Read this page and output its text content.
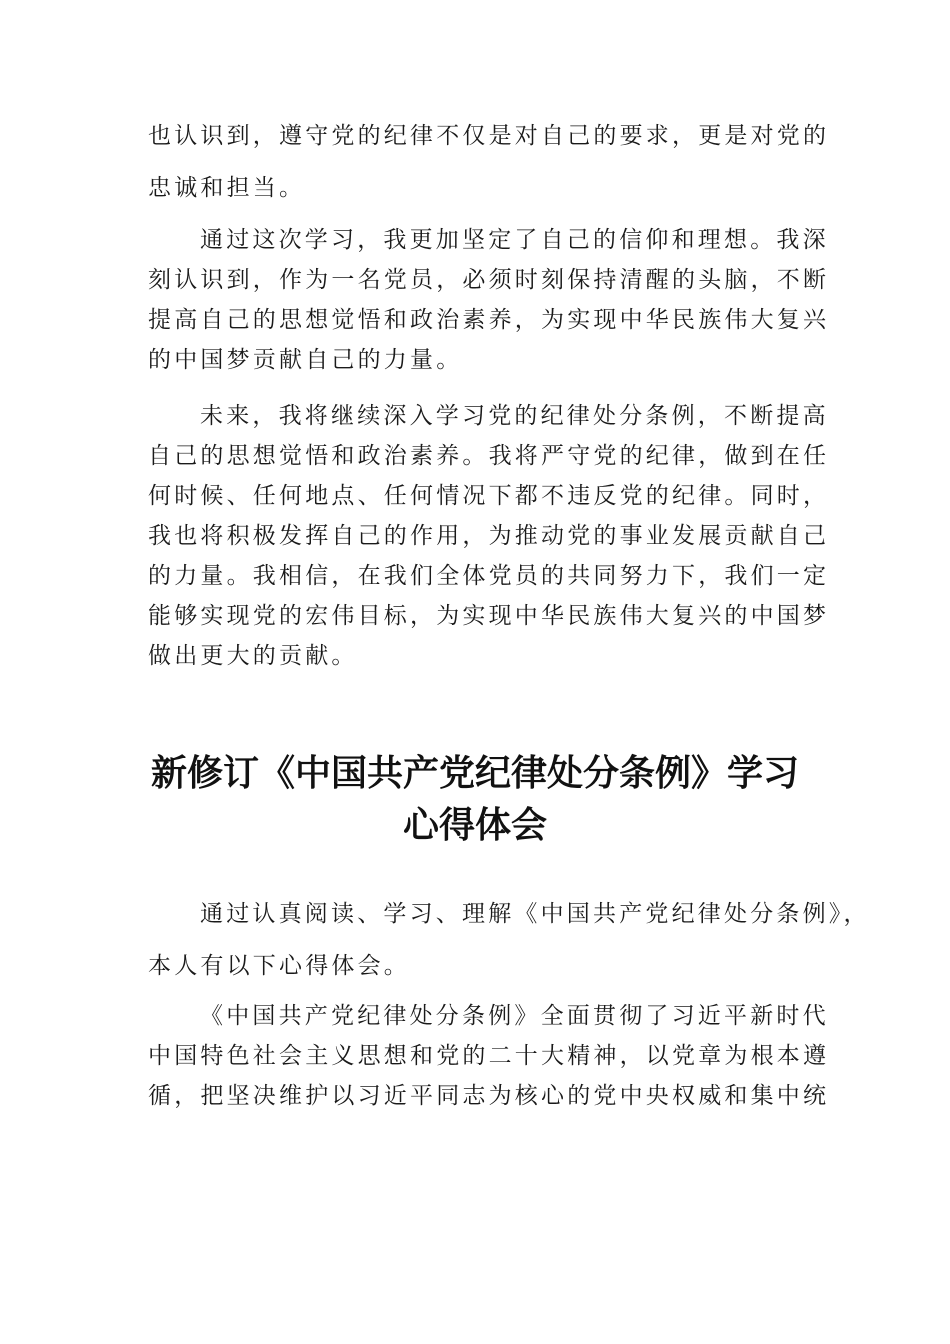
也认识到，遵守党的纪律不仅是对自己的要求，更是对党的
忠诚和担当。

通过这次学习，我更加坚定了自己的信仰和理想。我深
刻认识到，作为一名党员，必须时刻保持清醒的头脑，不断
提高自己的思想觉悟和政治素养，为实现中华民族伟大复兴
的中国梦贡献自己的力量。

未来，我将继续深入学习党的纪律处分条例，不断提高
自己的思想觉悟和政治素养。我将严守党的纪律，做到在任
何时候、任何地点、任何情况下都不违反党的纪律。同时，
我也将积极发挥自己的作用，为推动党的事业发展贡献自己
的力量。我相信，在我们全体党员的共同努力下，我们一定
能够实现党的宏伟目标，为实现中华民族伟大复兴的中国梦
做出更大的贡献。

新修订《中国共产党纪律处分条例》学习
心得体会

通过认真阅读、学习、理解《中国共产党纪律处分条例》，
本人有以下心得体会。

《中国共产党纪律处分条例》全面贯彻了习近平新时代
中国特色社会主义思想和党的二十大精神，以党章为根本遵
循，把坚决维护以习近平同志为核心的党中央权威和集中统
